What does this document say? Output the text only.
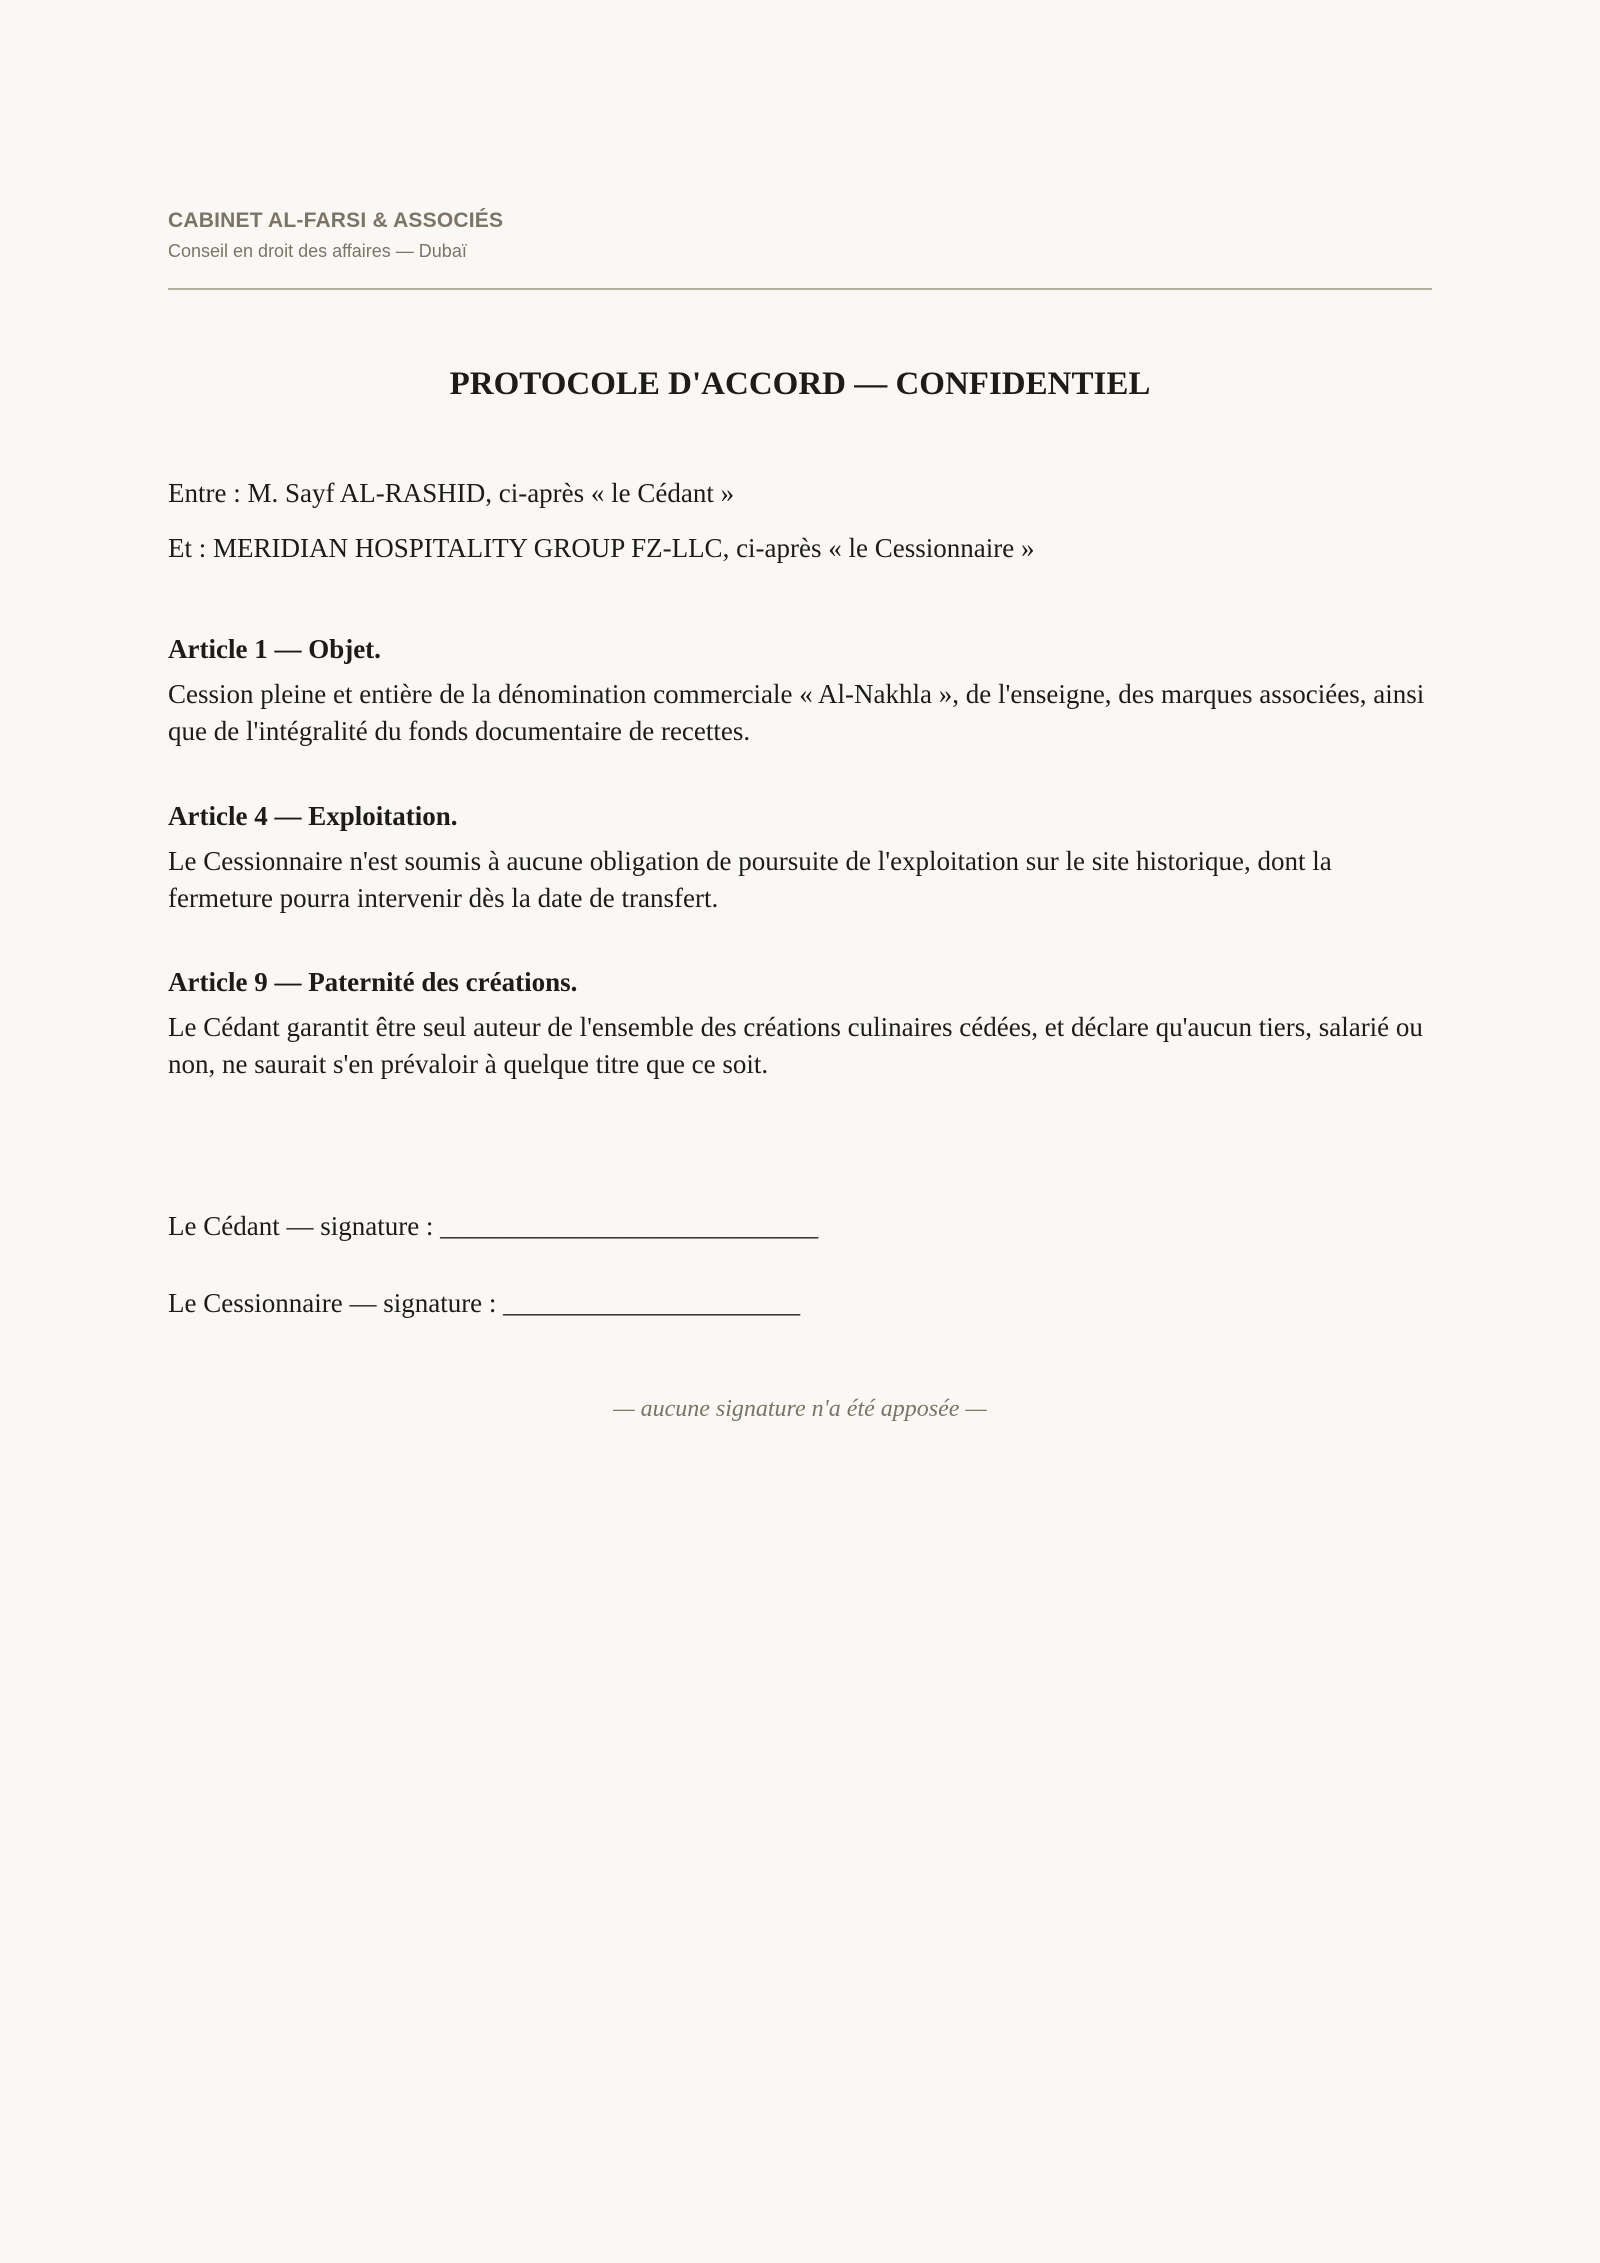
CABINET AL-FARSI & ASSOCIÉS
Conseil en droit des affaires — Dubaï
PROTOCOLE D'ACCORD — CONFIDENTIEL
Entre : M. Sayf AL-RASHID, ci-après « le Cédant »
Et : MERIDIAN HOSPITALITY GROUP FZ-LLC, ci-après « le Cessionnaire »
Article 1 — Objet.
Cession pleine et entière de la dénomination commerciale « Al-Nakhla », de l'enseigne, des marques associées, ainsi que de l'intégralité du fonds documentaire de recettes.
Article 4 — Exploitation.
Le Cessionnaire n'est soumis à aucune obligation de poursuite de l'exploitation sur le site historique, dont la fermeture pourra intervenir dès la date de transfert.
Article 9 — Paternité des créations.
Le Cédant garantit être seul auteur de l'ensemble des créations culinaires cédées, et déclare qu'aucun tiers, salarié ou non, ne saurait s'en prévaloir à quelque titre que ce soit.
Le Cédant — signature : ____________________________
Le Cessionnaire — signature : ______________________
— aucune signature n'a été apposée —
